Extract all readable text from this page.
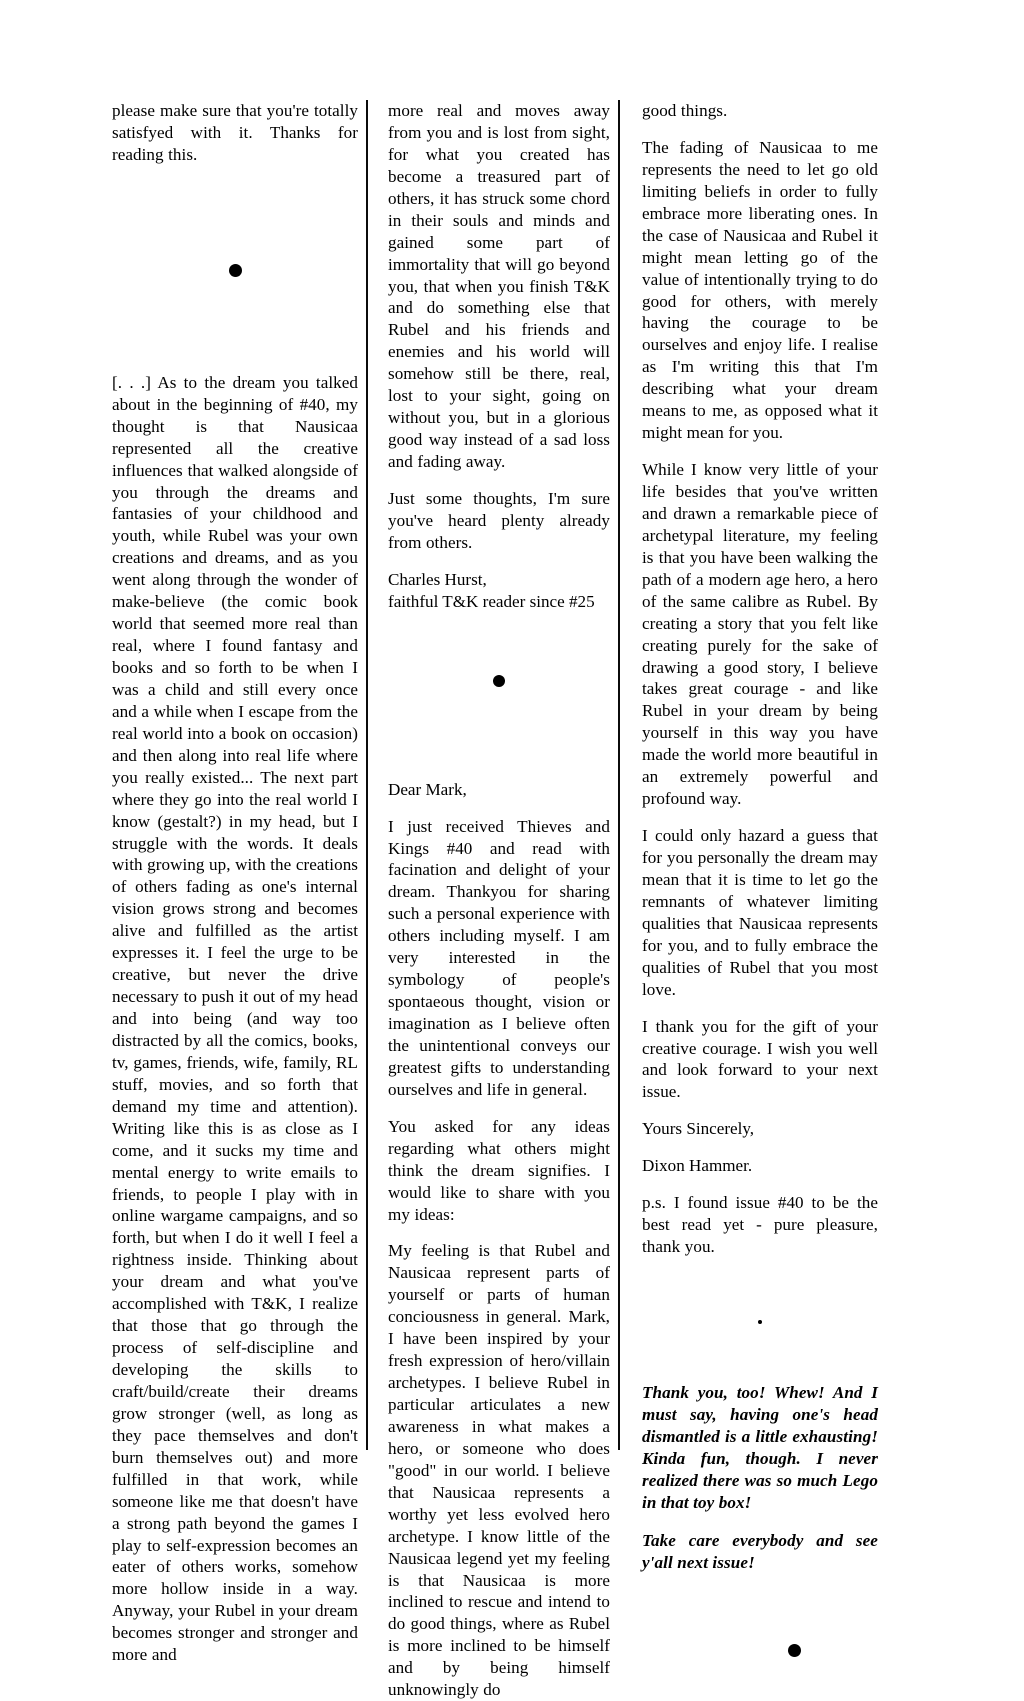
please make sure that you're totally satisfyed with it. Thanks for reading this.

[. . .] As to the dream you talked about in the beginning of #40, my thought is that Nausicaa represented all the creative influences that walked alongside of you through the dreams and fantasies of your childhood and youth, while Rubel was your own creations and dreams, and as you went along through the wonder of make-believe (the comic book world that seemed more real than real, where I found fantasy and books and so forth to be when I was a child and still every once and a while when I escape from the real world into a book on occasion) and then along into real life where you really existed... The next part where they go into the real world I know (gestalt?) in my head, but I struggle with the words. It deals with growing up, with the creations of others fading as one's internal vision grows strong and becomes alive and fulfilled as the artist expresses it. I feel the urge to be creative, but never the drive necessary to push it out of my head and into being (and way too distracted by all the comics, books, tv, games, friends, wife, family, RL stuff, movies, and so forth that demand my time and attention). Writing like this is as close as I come, and it sucks my time and mental energy to write emails to friends, to people I play with in online wargame campaigns, and so forth, but when I do it well I feel a rightness inside. Thinking about your dream and what you've accomplished with T&K, I realize that those that go through the process of self-discipline and developing the skills to craft/build/create their dreams grow stronger (well, as long as they pace themselves and don't burn themselves out) and more fulfilled in that work, while someone like me that doesn't have a strong path beyond the games I play to self-expression becomes an eater of others works, somehow more hollow inside in a way. Anyway, your Rubel in your dream becomes stronger and stronger and more and

more real and moves away from you and is lost from sight, for what you created has become a treasured part of others, it has struck some chord in their souls and minds and gained some part of immortality that will go beyond you, that when you finish T&K and do something else that Rubel and his friends and enemies and his world will somehow still be there, real, lost to your sight, going on without you, but in a glorious good way instead of a sad loss and fading away.

Just some thoughts, I'm sure you've heard plenty already from others.

Charles Hurst,
faithful T&K reader since #25

Dear Mark,

I just received Thieves and Kings #40 and read with facination and delight of your dream. Thankyou for sharing such a personal experience with others including myself. I am very interested in the symbology of people's spontaeous thought, vision or imagination as I believe often the unintentional conveys our greatest gifts to understanding ourselves and life in general.

You asked for any ideas regarding what others might think the dream signifies. I would like to share with you my ideas:

My feeling is that Rubel and Nausicaa represent parts of yourself or parts of human conciousness in general. Mark, I have been inspired by your fresh expression of hero/villain archetypes. I believe Rubel in particular articulates a new awareness in what makes a hero, or someone who does "good" in our world. I believe that Nausicaa represents a worthy yet less evolved hero archetype. I know little of the Nausicaa legend yet my feeling is that Nausicaa is more inclined to rescue and intend to do good things, where as Rubel is more inclined to be himself and by being himself unknowingly do

good things.

The fading of Nausicaa to me represents the need to let go old limiting beliefs in order to fully embrace more liberating ones. In the case of Nausicaa and Rubel it might mean letting go of the value of intentionally trying to do good for others, with merely having the courage to be ourselves and enjoy life. I realise as I'm writing this that I'm describing what your dream means to me, as opposed what it might mean for you.

While I know very little of your life besides that you've written and drawn a remarkable piece of archetypal literature, my feeling is that you have been walking the path of a modern age hero, a hero of the same calibre as Rubel. By creating a story that you felt like creating purely for the sake of drawing a good story, I believe takes great courage - and like Rubel in your dream by being yourself in this way you have made the world more beautiful in an extremely powerful and profound way.

I could only hazard a guess that for you personally the dream may mean that it is time to let go the remnants of whatever limiting qualities that Nausicaa represents for you, and to fully embrace the qualities of Rubel that you most love.

I thank you for the gift of your creative courage. I wish you well and look forward to your next issue.

Yours Sincerely,

Dixon Hammer.

p.s. I found issue #40 to be the best read yet - pure pleasure, thank you.

Thank you, too! Whew! And I must say, having one's head dismantled is a little exhausting! Kinda fun, though. I never realized there was so much Lego in that toy box!

Take care everybody and see y'all next issue!
